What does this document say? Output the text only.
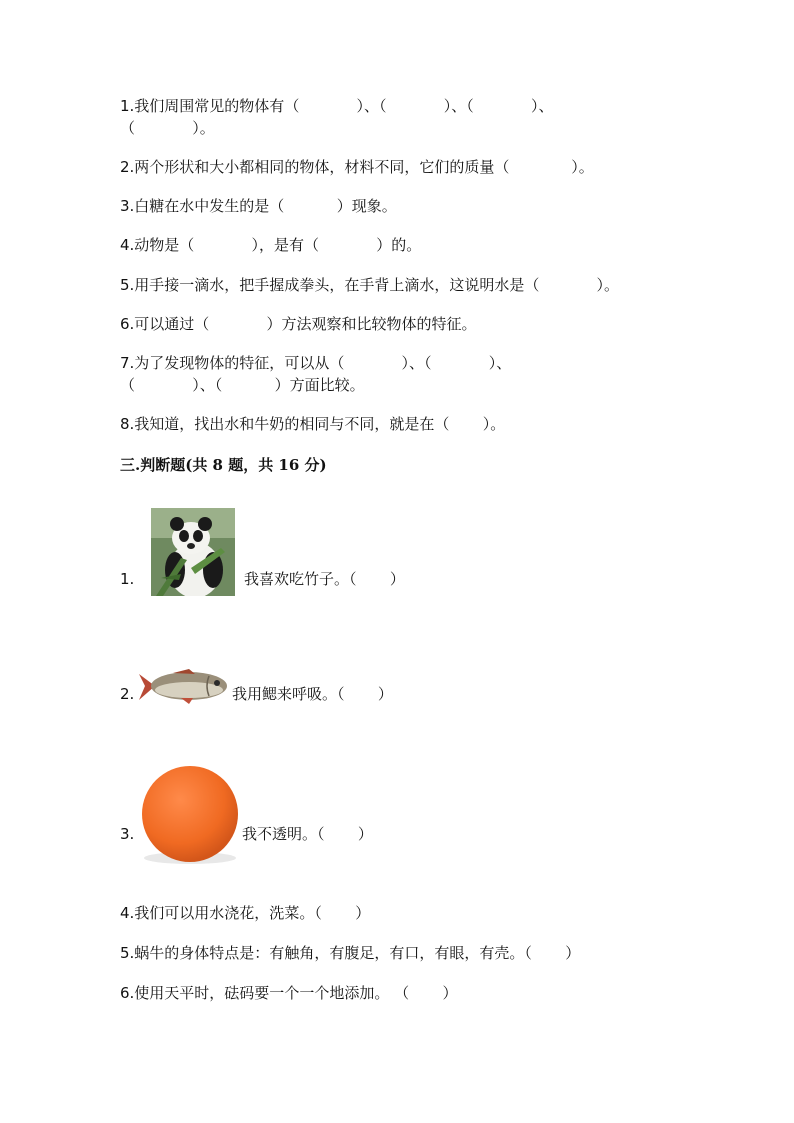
1.我们周围常见的物体有（            ）、（            ）、（            ）、
（            ）。
2.两个形状和大小都相同的物体，材料不同，它们的质量（             ）。
3.白糖在水中发生的是（           ）现象。
4.动物是（            ），是有（            ）的。
5.用手接一滴水，把手握成拳头，在手背上滴水，这说明水是（            ）。
6.可以通过（            ）方法观察和比较物体的特征。
7.为了发现物体的特征，可以从（            ）、（            ）、
（            ）、（           ）方面比较。
8.我知道，找出水和牛奶的相同与不同，就是在（       ）。
三.判断题(共 8 题，共 16 分)
1.	我喜欢吃竹子。（       ）
2.	我用鳃来呼吸。（       ）
3.	我不透明。（       ）
4.我们可以用水浇花，洗菜。（       ）
5.蜗牛的身体特点是：有触角，有腹足，有口，有眼，有壳。（       ）
6.使用天平时，砝码要一个一个地添加。 （       ）
